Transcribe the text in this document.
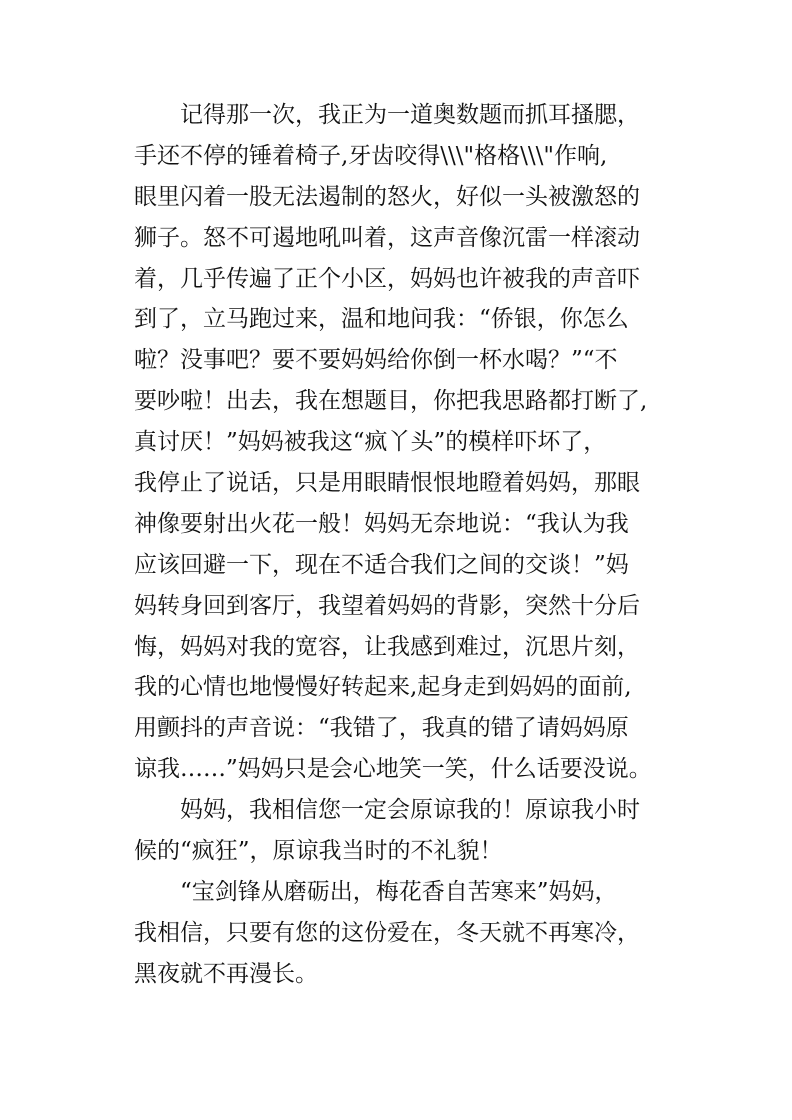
　　记得那一次，我正为一道奥数题而抓耳搔腮，
手还不停的锤着椅子,牙齿咬得\\\"格格\\\"作响,
眼里闪着一股无法遏制的怒火，好似一头被激怒的
狮子。怒不可遏地吼叫着，这声音像沉雷一样滚动
着，几乎传遍了正个小区，妈妈也许被我的声音吓
到了，立马跑过来，温和地问我：“侨银，你怎么
啦？没事吧？要不要妈妈给你倒一杯水喝？”“不
要吵啦！出去，我在想题目，你把我思路都打断了,
真讨厌！”妈妈被我这“疯丫头”的模样吓坏了，
我停止了说话，只是用眼睛恨恨地瞪着妈妈，那眼
神像要射出火花一般！妈妈无奈地说：“我认为我
应该回避一下，现在不适合我们之间的交谈！”妈
妈转身回到客厅，我望着妈妈的背影，突然十分后
悔，妈妈对我的宽容，让我感到难过，沉思片刻，
我的心情也地慢慢好转起来,起身走到妈妈的面前,
用颤抖的声音说：“我错了，我真的错了请妈妈原
谅我……”妈妈只是会心地笑一笑，什么话要没说。
　　妈妈，我相信您一定会原谅我的！原谅我小时
候的“疯狂”，原谅我当时的不礼貌！
　　“宝剑锋从磨砺出，梅花香自苦寒来”妈妈，
我相信，只要有您的这份爱在，冬天就不再寒冷，
黑夜就不再漫长。
